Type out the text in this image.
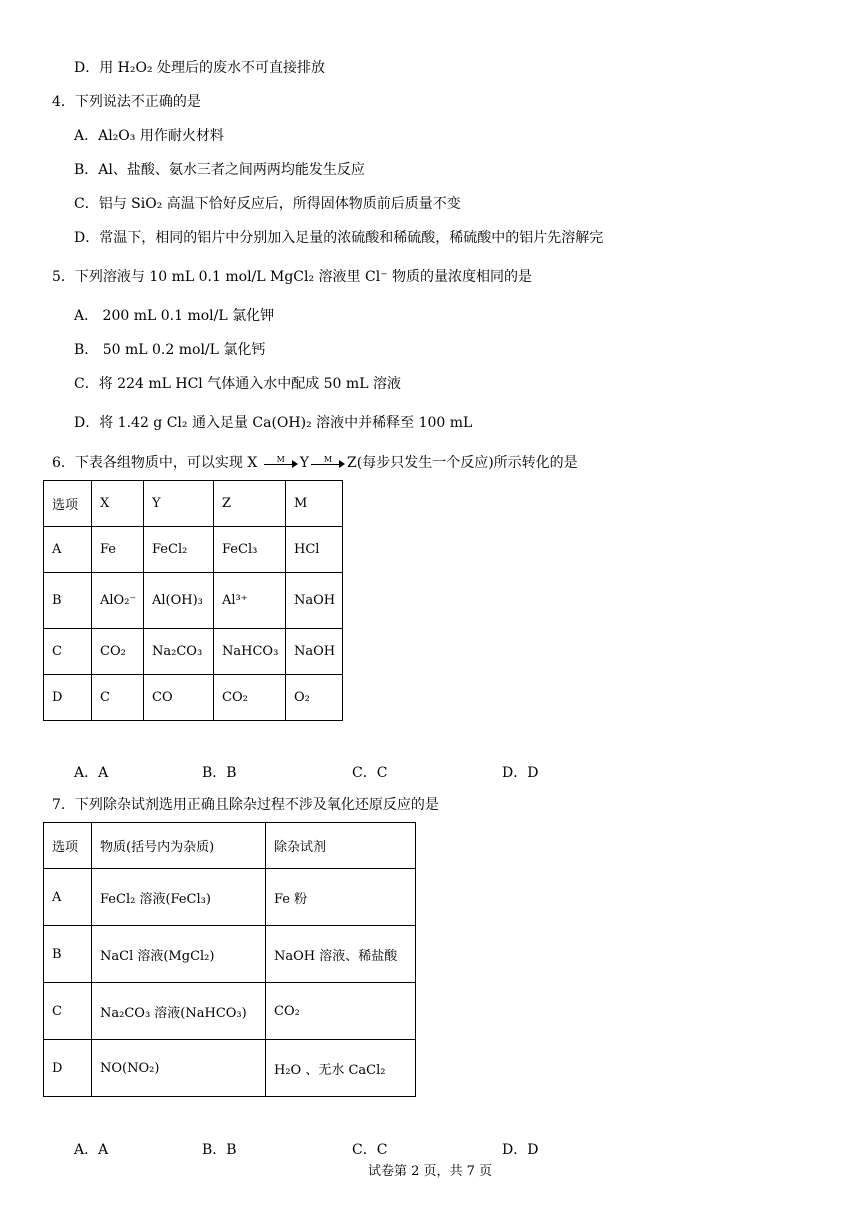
D．用 H₂O₂ 处理后的废水不可直接排放
4．下列说法不正确的是
A．Al₂O₃ 用作耐火材料
B．Al、盐酸、氨水三者之间两两均能发生反应
C．铝与 SiO₂ 高温下恰好反应后，所得固体物质前后质量不变
D．常温下，相同的铝片中分别加入足量的浓硫酸和稀硫酸，稀硫酸中的铝片先溶解完
5．下列溶液与 10 mL 0.1 mol/L MgCl₂ 溶液里 Cl⁻ 物质的量浓度相同的是
A． 200 mL 0.1 mol/L 氯化钾
B． 50 mL 0.2 mol/L 氯化钙
C．将 224 mL HCl 气体通入水中配成 50 mL 溶液
D．将 1.42 g Cl₂ 通入足量 Ca(OH)₂ 溶液中并稀释至 100 mL
6．下表各组物质中，可以实现 X	M	Y	M	Z(每步只发生一个反应)所示转化的是
选项	X	Y	Z	M
A	Fe	FeCl₂	FeCl₃	HCl
B	AlO₂⁻	Al(OH)₃	Al³⁺	NaOH
C	CO₂	Na₂CO₃	NaHCO₃	NaOH
D	C	CO	CO₂	O₂
A．A	B．B	C．C	D．D
7．下列除杂试剂选用正确且除杂过程不涉及氧化还原反应的是
选项	物质(括号内为杂质)	除杂试剂
A	FeCl₂ 溶液(FeCl₃)	Fe 粉
B	NaCl 溶液(MgCl₂)	NaOH 溶液、稀盐酸
C	Na₂CO₃ 溶液(NaHCO₃)	CO₂
D	NO(NO₂)	H₂O 、无水 CaCl₂
A．A	B．B	C．C	D．D
试卷第 2 页，共 7 页
